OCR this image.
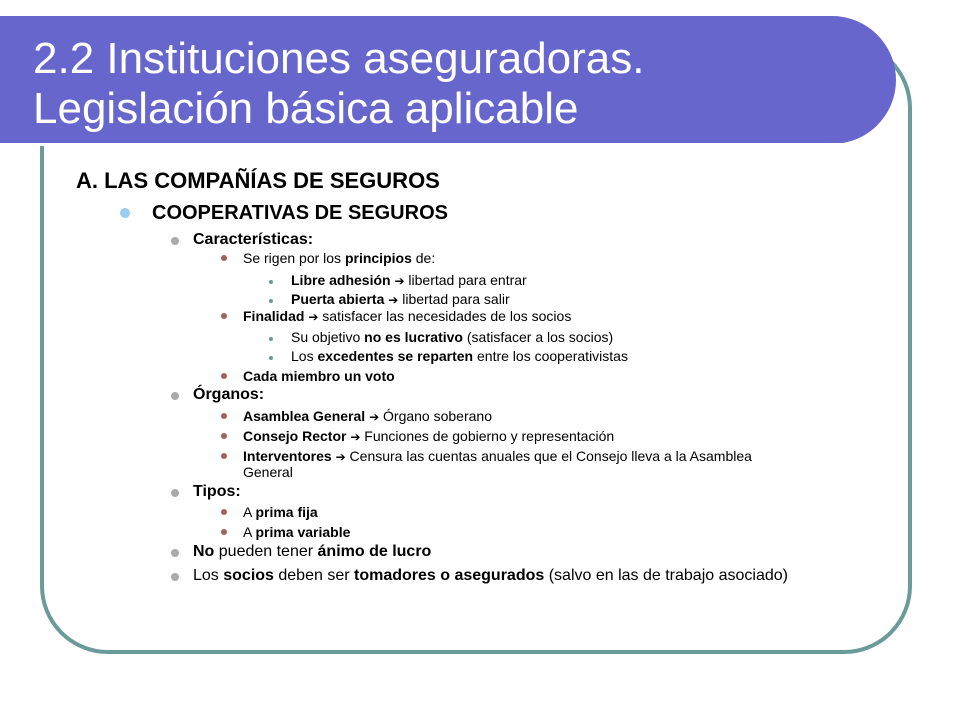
2.2 Instituciones aseguradoras.
Legislación básica aplicable
A. LAS COMPAÑÍAS DE SEGUROS
COOPERATIVAS DE SEGUROS
Características:
Se rigen por los principios de:
Libre adhesión ➔ libertad para entrar
Puerta abierta ➔ libertad para salir
Finalidad ➔ satisfacer las necesidades de los socios
Su objetivo no es lucrativo (satisfacer a los socios)
Los excedentes se reparten entre los cooperativistas
Cada miembro un voto
Órganos:
Asamblea General ➔ Órgano soberano
Consejo Rector ➔ Funciones de gobierno y representación
Interventores ➔ Censura las cuentas anuales que el Consejo lleva a la Asamblea
General
Tipos:
A prima fija
A prima variable
No pueden tener ánimo de lucro
Los socios deben ser tomadores o asegurados (salvo en las de trabajo asociado)
